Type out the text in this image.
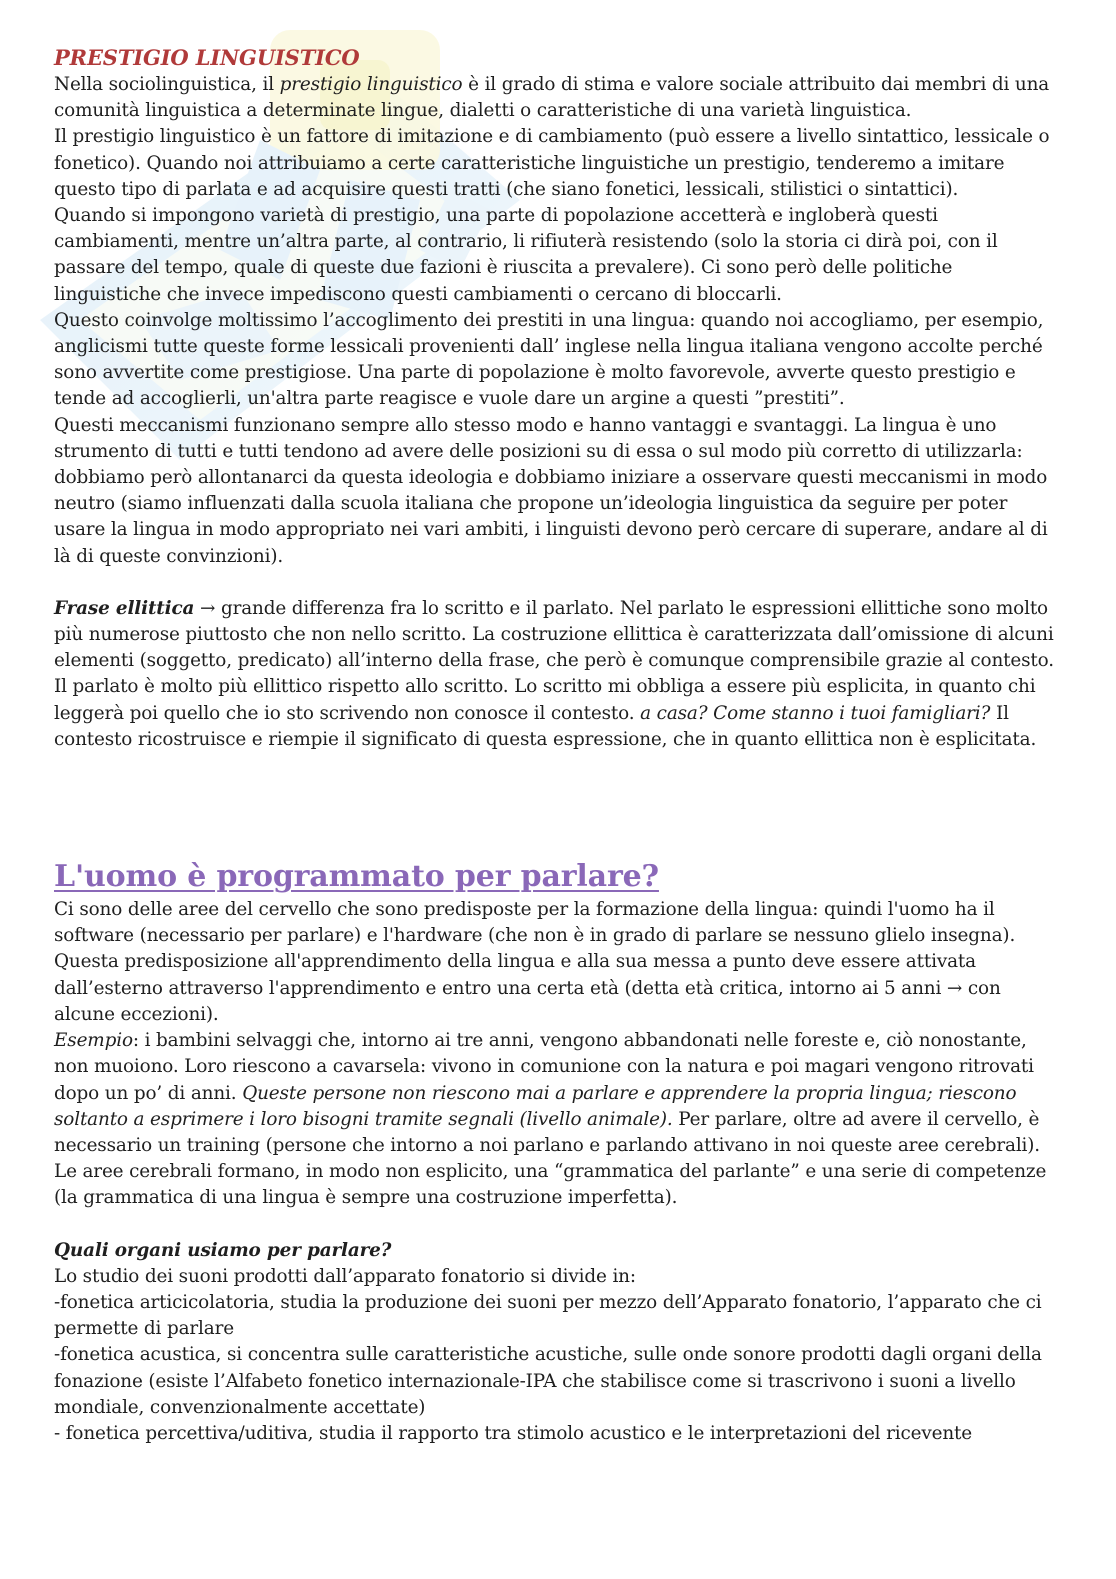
PRESTIGIO LINGUISTICO

Nella sociolinguistica, il prestigio linguistico è il grado di stima e valore sociale attribuito dai membri di una comunità linguistica a determinate lingue, dialetti o caratteristiche di una varietà linguistica.

Il prestigio linguistico è un fattore di imitazione e di cambiamento (può essere a livello sintattico, lessicale o fonetico). Quando noi attribuiamo a certe caratteristiche linguistiche un prestigio, tenderemo a imitare questo tipo di parlata e ad acquisire questi tratti (che siano fonetici, lessicali, stilistici o sintattici).

Quando si impongono varietà di prestigio, una parte di popolazione accetterà e ingloberà questi cambiamenti, mentre un’altra parte, al contrario, li rifiuterà resistendo (solo la storia ci dirà poi, con il passare del tempo, quale di queste due fazioni è riuscita a prevalere). Ci sono però delle politiche linguistiche che invece impediscono questi cambiamenti o cercano di bloccarli.

Questo coinvolge moltissimo l’accoglimento dei prestiti in una lingua: quando noi accogliamo, per esempio, anglicismi tutte queste forme lessicali provenienti dall’ inglese nella lingua italiana vengono accolte perché sono avvertite come prestigiose. Una parte di popolazione è molto favorevole, avverte questo prestigio e tende ad accoglierli, un'altra parte reagisce e vuole dare un argine a questi ”prestiti”.

Questi meccanismi funzionano sempre allo stesso modo e hanno vantaggi e svantaggi. La lingua è uno strumento di tutti e tutti tendono ad avere delle posizioni su di essa o sul modo più corretto di utilizzarla: dobbiamo però allontanarci da questa ideologia e dobbiamo iniziare a osservare questi meccanismi in modo neutro (siamo influenzati dalla scuola italiana che propone un’ideologia linguistica da seguire per poter usare la lingua in modo appropriato nei vari ambiti, i linguisti devono però cercare di superare, andare al di là di queste convinzioni).

Frase ellittica → grande differenza fra lo scritto e il parlato. Nel parlato le espressioni ellittiche sono molto più numerose piuttosto che non nello scritto. La costruzione ellittica è caratterizzata dall’omissione di alcuni elementi (soggetto, predicato) all’interno della frase, che però è comunque comprensibile grazie al contesto. Il parlato è molto più ellittico rispetto allo scritto. Lo scritto mi obbliga a essere più esplicita, in quanto chi leggerà poi quello che io sto scrivendo non conosce il contesto. a casa? Come stanno i tuoi famigliari? Il contesto ricostruisce e riempie il significato di questa espressione, che in quanto ellittica non è esplicitata.

L'uomo è programmato per parlare?

Ci sono delle aree del cervello che sono predisposte per la formazione della lingua: quindi l'uomo ha il software (necessario per parlare) e l'hardware (che non è in grado di parlare se nessuno glielo insegna). Questa predisposizione all'apprendimento della lingua e alla sua messa a punto deve essere attivata dall’esterno attraverso l'apprendimento e entro una certa età (detta età critica, intorno ai 5 anni → con alcune eccezioni).

Esempio: i bambini selvaggi che, intorno ai tre anni, vengono abbandonati nelle foreste e, ciò nonostante, non muoiono. Loro riescono a cavarsela: vivono in comunione con la natura e poi magari vengono ritrovati dopo un po’ di anni. Queste persone non riescono mai a parlare e apprendere la propria lingua; riescono soltanto a esprimere i loro bisogni tramite segnali (livello animale). Per parlare, oltre ad avere il cervello, è necessario un training (persone che intorno a noi parlano e parlando attivano in noi queste aree cerebrali). Le aree cerebrali formano, in modo non esplicito, una “grammatica del parlante” e una serie di competenze (la grammatica di una lingua è sempre una costruzione imperfetta).

Quali organi usiamo per parlare?

Lo studio dei suoni prodotti dall’apparato fonatorio si divide in:

-fonetica articicolatoria, studia la produzione dei suoni per mezzo dell’Apparato fonatorio, l’apparato che ci permette di parlare

-fonetica acustica, si concentra sulle caratteristiche acustiche, sulle onde sonore prodotti dagli organi della fonazione (esiste l’Alfabeto fonetico internazionale-IPA che stabilisce come si trascrivono i suoni a livello mondiale, convenzionalmente accettate)

- fonetica percettiva/uditiva, studia il rapporto tra stimolo acustico e le interpretazioni del ricevente
